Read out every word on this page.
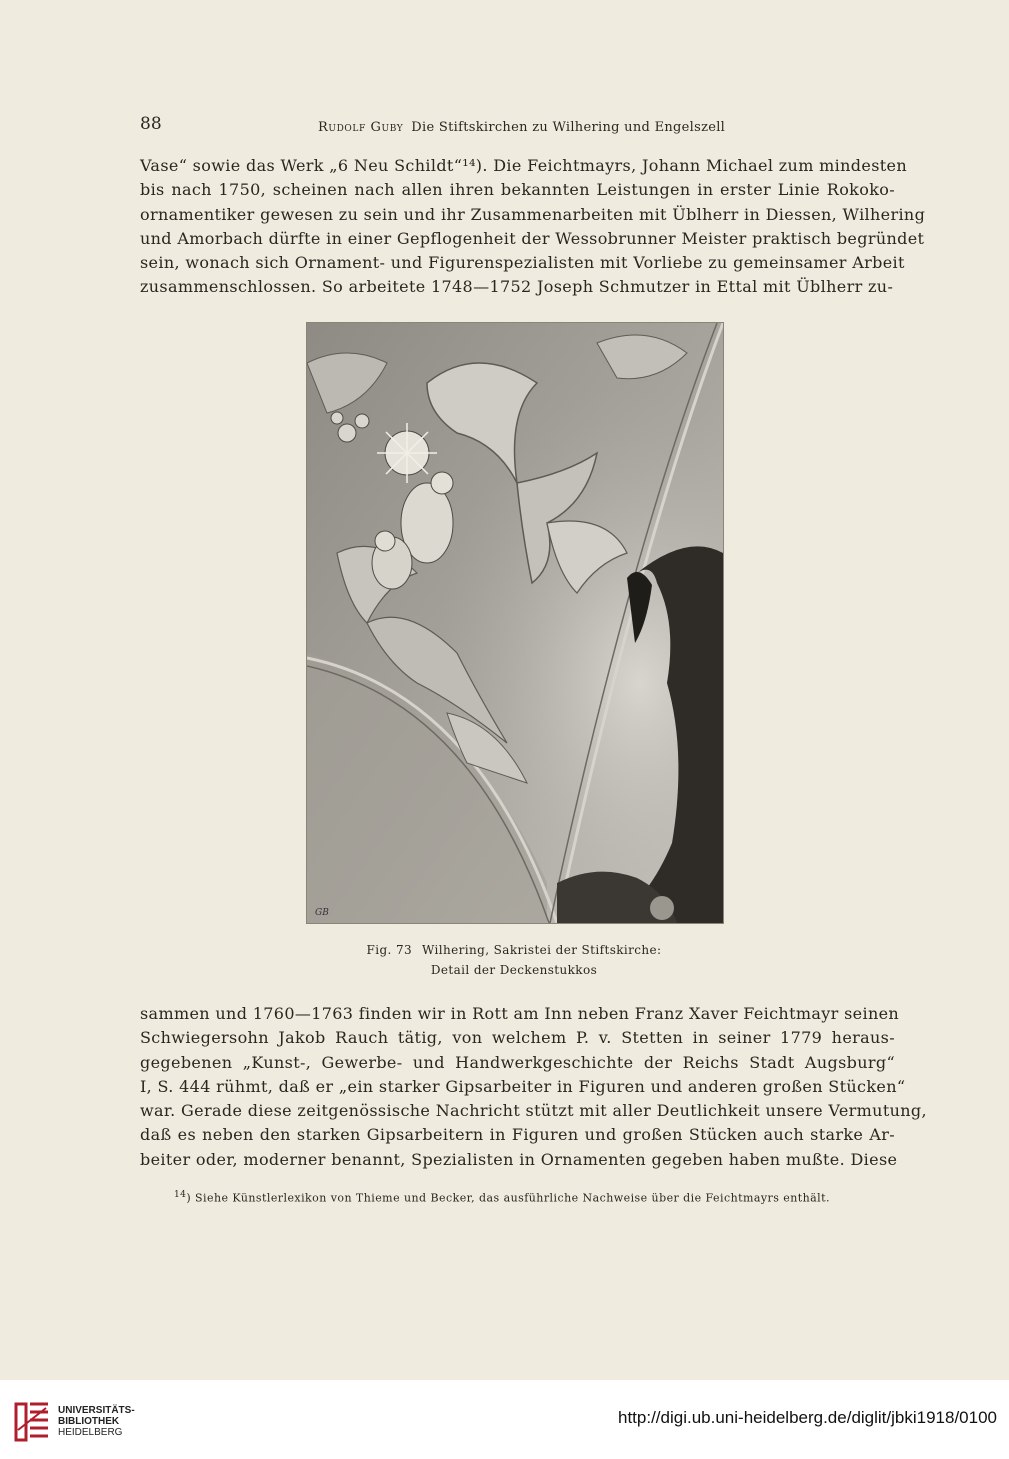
88	Rudolf Guby Die Stiftskirchen zu Wilhering und Engelszell

Vase“ sowie das Werk „6 Neu Schildt“¹⁴). Die Feichtmayrs, Johann Michael zum mindesten
bis nach 1750, scheinen nach allen ihren bekannten Leistungen in erster Linie Rokoko-
ornamentiker gewesen zu sein und ihr Zusammenarbeiten mit Üblherr in Diessen, Wilhering
und Amorbach dürfte in einer Gepflogenheit der Wessobrunner Meister praktisch begründet
sein, wonach sich Ornament- und Figurenspezialisten mit Vorliebe zu gemeinsamer Arbeit
zusammenschlossen. So arbeitete 1748—1752 Joseph Schmutzer in Ettal mit Üblherr zu-

GB
Fig. 73 Wilhering, Sakristei der Stiftskirche:
Detail der Deckenstukkos

sammen und 1760—1763 finden wir in Rott am Inn neben Franz Xaver Feichtmayr seinen
Schwiegersohn Jakob Rauch tätig, von welchem P. v. Stetten in seiner 1779 heraus-
gegebenen „Kunst-, Gewerbe- und Handwerkgeschichte der Reichs Stadt Augsburg“
I, S. 444 rühmt, daß er „ein starker Gipsarbeiter in Figuren und anderen großen Stücken“
war. Gerade diese zeitgenössische Nachricht stützt mit aller Deutlichkeit unsere Vermutung,
daß es neben den starken Gipsarbeitern in Figuren und großen Stücken auch starke Ar-
beiter oder, moderner benannt, Spezialisten in Ornamenten gegeben haben mußte. Diese

$^{14}$) Siehe Künstlerlexikon von Thieme und Becker, das ausführliche Nachweise über die Feichtmayrs enthält.
UNIVERSITÄTS-
BIBLIOTHEK
HEIDELBERG
http://digi.ub.uni-heidelberg.de/diglit/jbki1918/0100
